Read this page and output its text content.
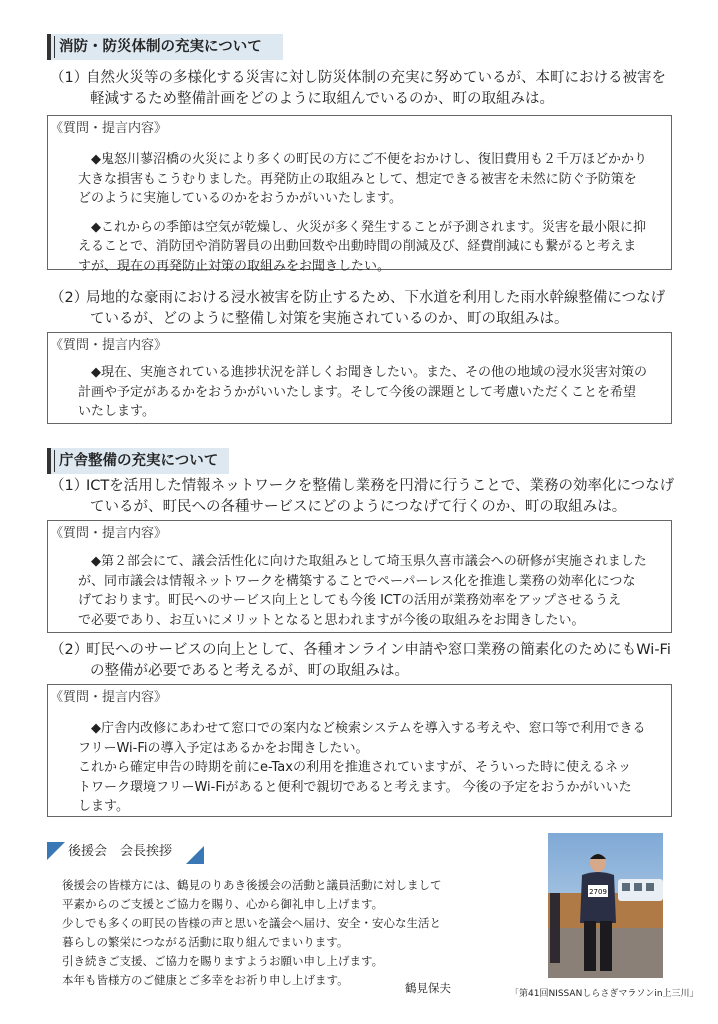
消防・防災体制の充実について
（1）
自然火災等の多様化する災害に対し防災体制の充実に努めているが、本町における被害を
軽減するため整備計画をどのように取組んでいるのか、町の取組みは。
《質問・提言内容》

◆鬼怒川蓼沼橋の火災により多くの町民の方にご不便をおかけし、復旧費用も２千万ほどかかり

大きな損害もこうむりました。再発防止の取組みとして、想定できる被害を未然に防ぐ予防策を
どのように実施しているのかをおうかがいいたします。

◆これからの季節は空気が乾燥し、火災が多く発生することが予測されます。災害を最小限に抑

えることで、消防団や消防署員の出動回数や出動時間の削減及び、経費削減にも繋がると考えま
すが、現在の再発防止対策の取組みをお聞きしたい。

（2）
局地的な豪雨における浸水被害を防止するため、下水道を利用した雨水幹線整備につなげ
ているが、どのように整備し対策を実施されているのか、町の取組みは。
《質問・提言内容》

◆現在、実施されている進捗状況を詳しくお聞きしたい。また、その他の地域の浸水災害対策の

計画や予定があるかをおうかがいいたします。そして今後の課題として考慮いただくことを希望
いたします。

庁舎整備の充実について
（1）
ICTを活用した情報ネットワークを整備し業務を円滑に行うことで、業務の効率化につなげ
ているが、町民への各種サービスにどのようにつなげて行くのか、町の取組みは。
《質問・提言内容》

◆第２部会にて、議会活性化に向けた取組みとして埼玉県久喜市議会への研修が実施されました

が、同市議会は情報ネットワークを構築することでペーパーレス化を推進し業務の効率化につな
げております。町民へのサービス向上としても今後 ICTの活用が業務効率をアップさせるうえ
で必要であり、お互いにメリットとなると思われますが今後の取組みをお聞きしたい。

（2）
町民へのサービスの向上として、各種オンライン申請や窓口業務の簡素化のためにもWi-Fi
の整備が必要であると考えるが、町の取組みは。
《質問・提言内容》

◆庁舎内改修にあわせて窓口での案内など検索システムを導入する考えや、窓口等で利用できる

フリーWi-Fiの導入予定はあるかをお聞きしたい。
これから確定申告の時期を前にe-Taxの利用を推進されていますが、そういった時に使えるネッ
トワーク環境フリーWi-Fiがあると便利で親切であると考えます。 今後の予定をおうかがいいた
します。

後援会　会長挨拶

後援会の皆様方には、鶴見のりあき後援会の活動と議員活動に対しまして

平素からのご支援とご協力を賜り、心から御礼申し上げます。

少しでも多くの町民の皆様の声と思いを議会へ届け、安全・安心な生活と

暮らしの繁栄につながる活動に取り組んでまいります。

引き続きご支援、ご協力を賜りますようお願い申し上げます。

本年も皆様方のご健康とご多幸をお祈り申し上げます。

鶴見保夫
2709
「第41回NISSANしらさぎマラソンin上三川」
